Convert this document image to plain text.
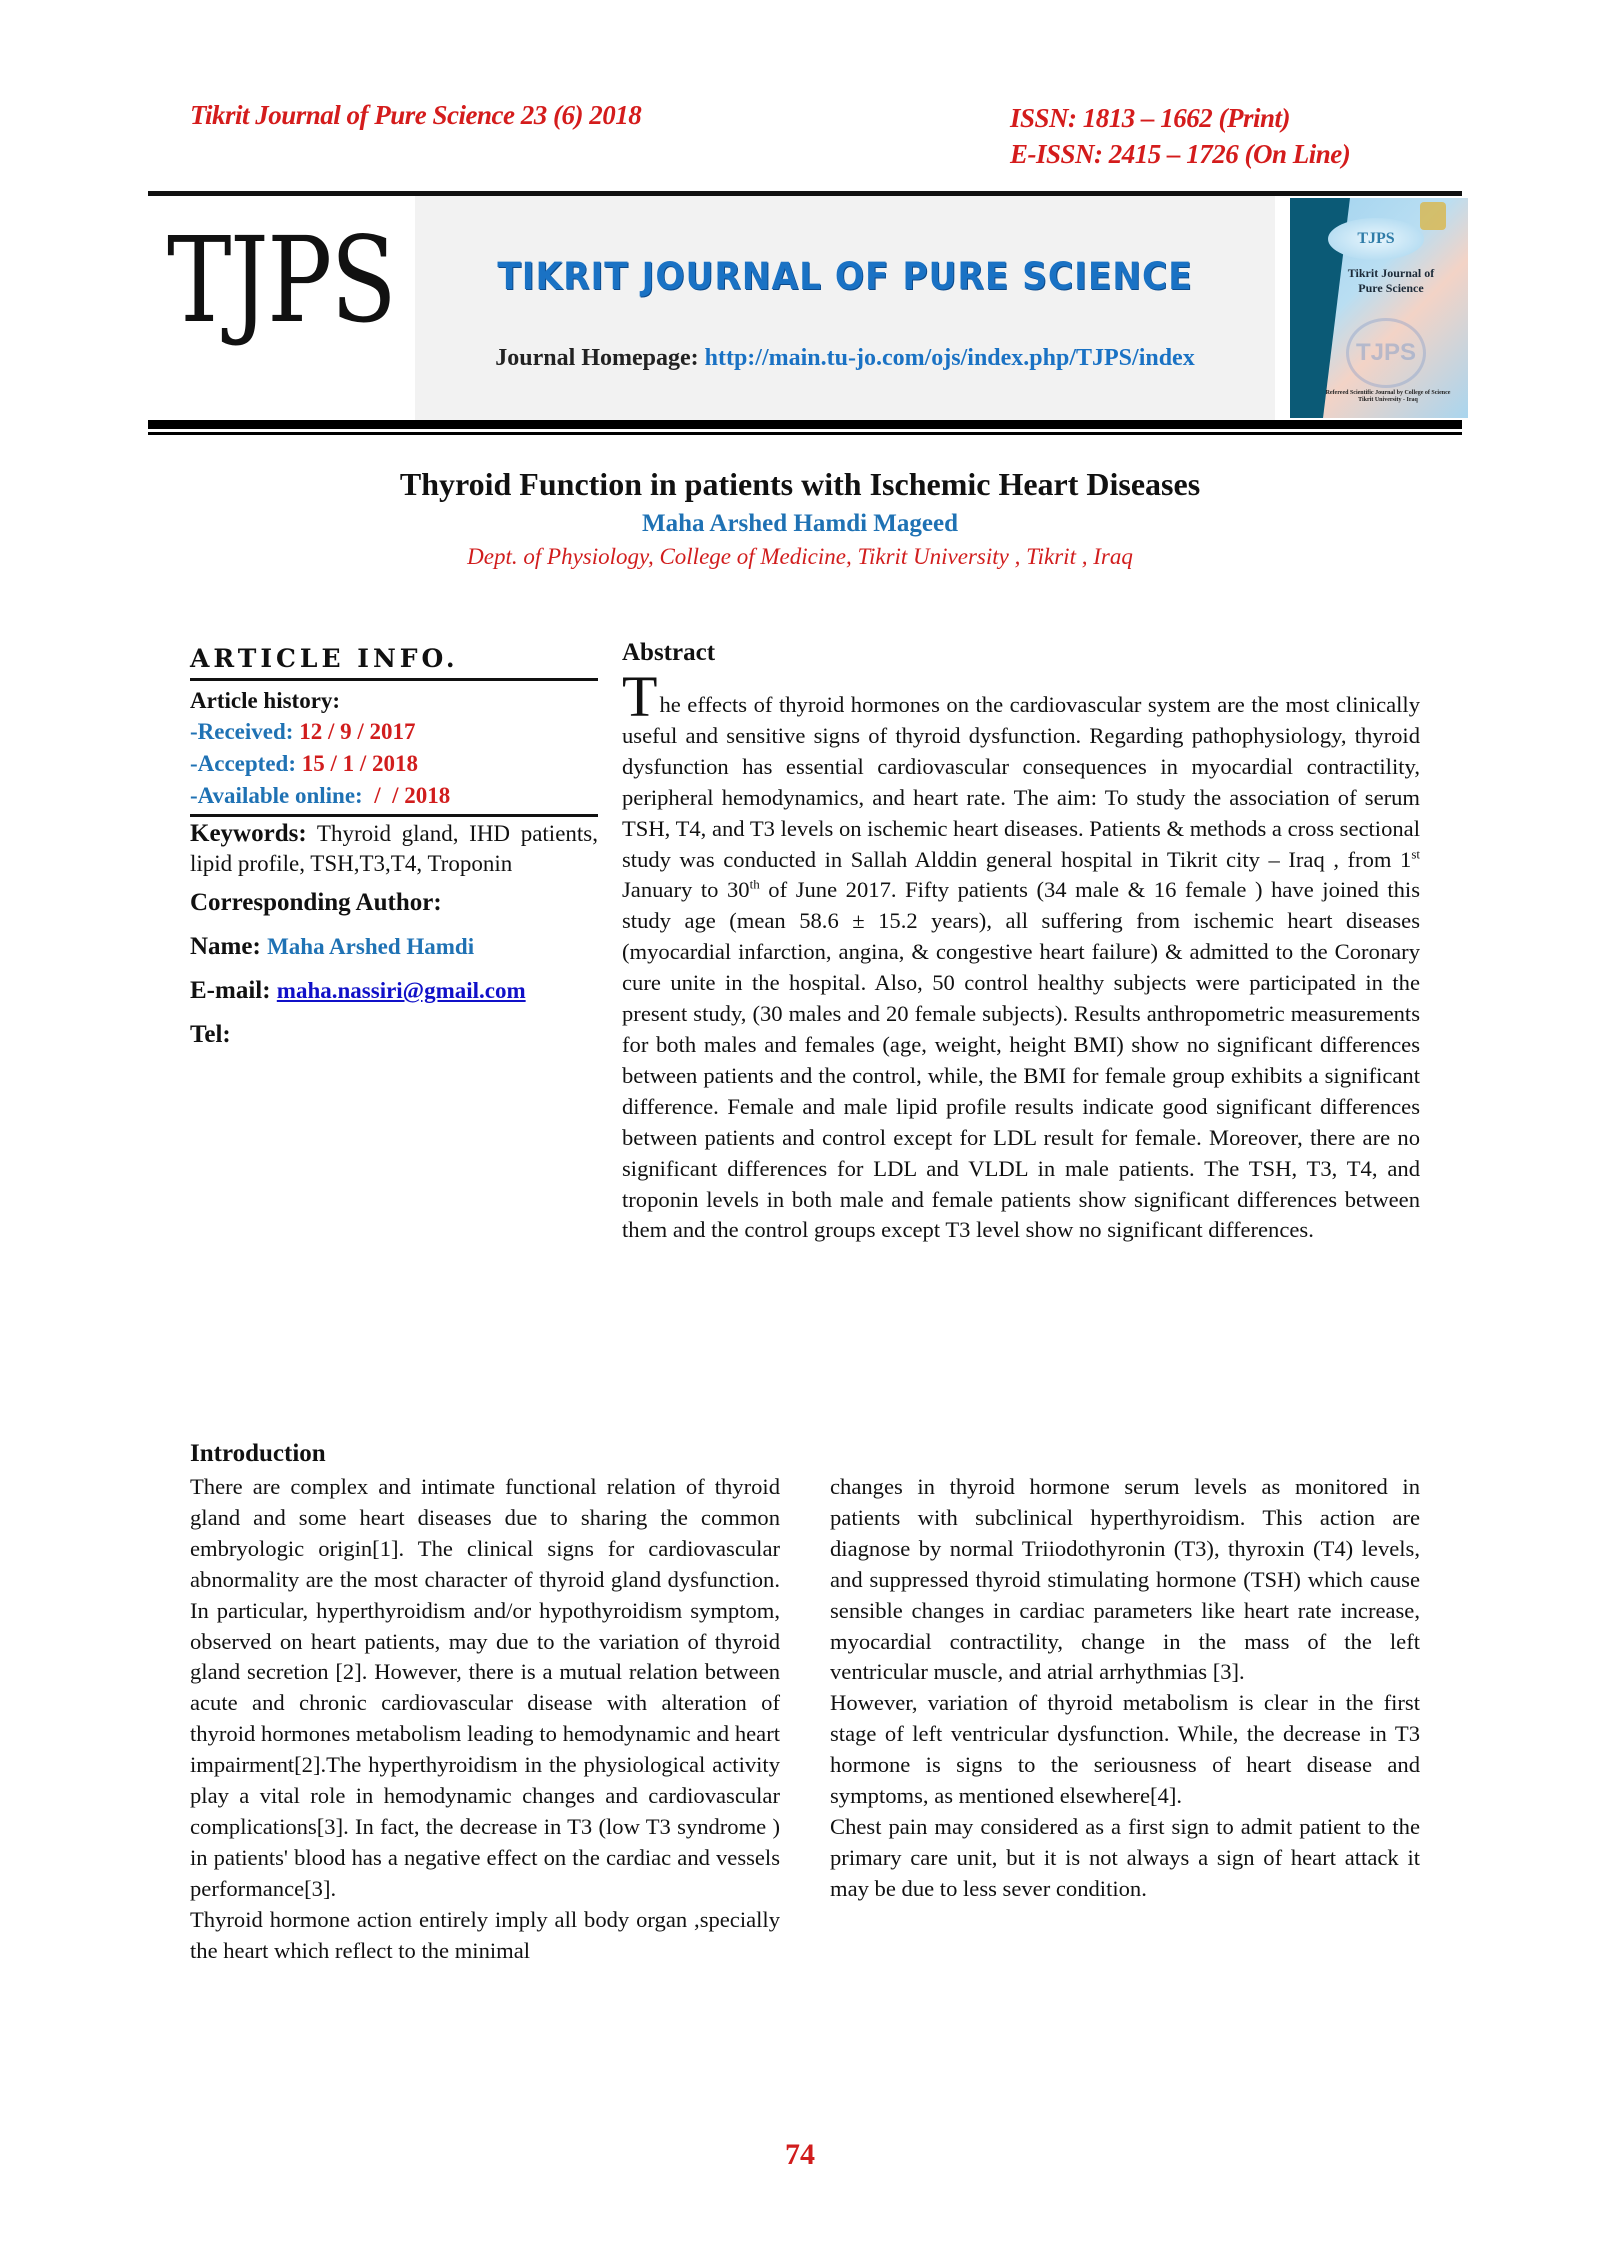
Tikrit Journal of Pure Science 23 (6) 2018	ISSN: 1813 – 1662 (Print)
E-ISSN: 2415 – 1726 (On Line)
TJPS	TIKRIT JOURNAL OF PURE SCIENCE
Journal Homepage: http://main.tu-jo.com/ojs/index.php/TJPS/index
TJPS
Tikrit Journal of
Pure Science
TJPS
Refereed Scientific Journal by College of Science
Tikrit University - Iraq
Thyroid Function in patients with Ischemic Heart Diseases
Maha Arshed Hamdi Mageed
Dept. of Physiology, College of Medicine, Tikrit University , Tikrit , Iraq
ARTICLE INFO.
Article history:
-Received: 12 / 9 / 2017
-Accepted: 15 / 1 / 2018
-Available online:  /  / 2018
Keywords: Thyroid gland, IHD patients, lipid profile, TSH,T3,T4, Troponin
Corresponding Author:
Name: Maha Arshed Hamdi
E-mail: maha.nassiri@gmail.com
Tel:
Abstract
The effects of thyroid hormones on the cardiovascular system are the most clinically useful and sensitive signs of thyroid dysfunction. Regarding pathophysiology, thyroid dysfunction has essential cardiovascular consequences in myocardial contractility, peripheral hemodynamics, and heart rate. The aim: To study the association of serum TSH, T4, and T3 levels on ischemic heart diseases. Patients & methods a cross sectional study was conducted in Sallah Alddin general hospital in Tikrit city – Iraq , from 1st January to 30th of June 2017. Fifty patients (34 male & 16 female ) have joined this study age (mean 58.6 ± 15.2 years), all suffering from ischemic heart diseases (myocardial infarction, angina, & congestive heart failure) & admitted to the Coronary cure unite in the hospital. Also, 50 control healthy subjects were participated in the present study, (30 males and 20 female subjects). Results anthropometric measurements for both males and females (age, weight, height BMI) show no significant differences between patients and the control, while, the BMI for female group exhibits a significant difference. Female and male lipid profile results indicate good significant differences between patients and control except for LDL result for female. Moreover, there are no significant differences for LDL and VLDL in male patients. The TSH, T3, T4, and troponin levels in both male and female patients show significant differences between them and the control groups except T3 level show no significant differences.
Introduction

There are complex and intimate functional relation of thyroid gland and some heart diseases due to sharing the common embryologic origin[1]. The clinical signs for cardiovascular abnormality are the most character of thyroid gland dysfunction. In particular, hyperthyroidism and/or hypothyroidism symptom, observed on heart patients, may due to the variation of thyroid gland secretion [2]. However, there is a mutual relation between acute and chronic cardiovascular disease with alteration of thyroid hormones metabolism leading to hemodynamic and heart impairment[2].The hyperthyroidism in the physiological activity play a vital role in hemodynamic changes and cardiovascular complications[3]. In fact, the decrease in T3 (low T3 syndrome ) in patients' blood has a negative effect on the cardiac and vessels performance[3].

Thyroid hormone action entirely imply all body organ ,specially the heart which reflect to the minimal

changes in thyroid hormone serum levels as monitored in patients with subclinical hyperthyroidism. This action are diagnose by normal Triiodothyronin (T3), thyroxin (T4) levels, and suppressed thyroid stimulating hormone (TSH) which cause sensible changes in cardiac parameters like heart rate increase, myocardial contractility, change in the mass of the left ventricular muscle, and atrial arrhythmias [3].

However, variation of thyroid metabolism is clear in the first stage of left ventricular dysfunction. While, the decrease in T3 hormone is signs to the seriousness of heart disease and symptoms, as mentioned elsewhere[4].

Chest pain may considered as a first sign to admit patient to the primary care unit, but it is not always a sign of heart attack it may be due to less sever condition.

74
